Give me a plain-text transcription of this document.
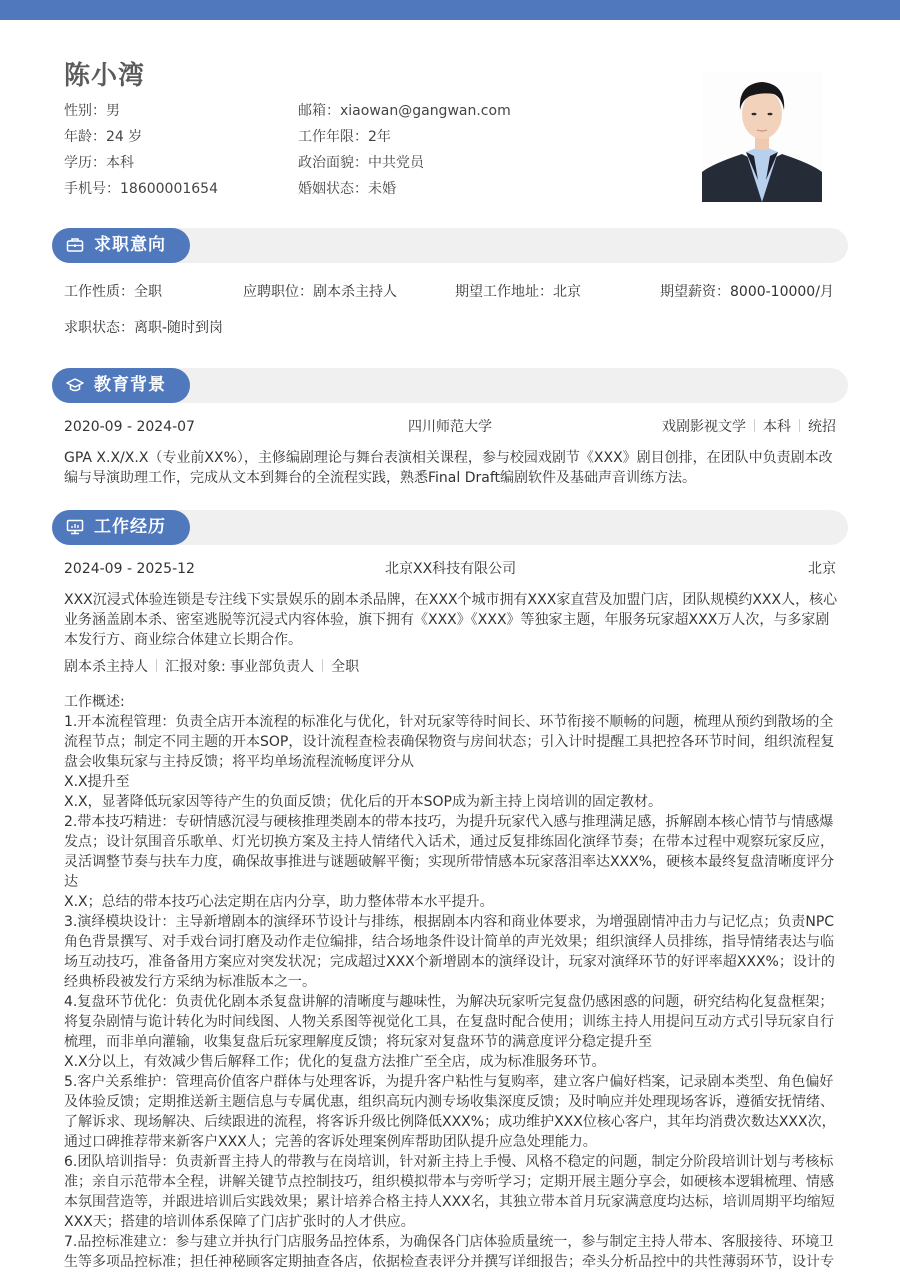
陈小湾
性别：男	邮箱：xiaowan@gangwan.com
年龄：24 岁	工作年限：2年
学历：本科	政治面貌：中共党员
手机号：18600001654	婚姻状态：未婚
求职意向
工作性质：全职	应聘职位：剧本杀主持人	期望工作地址：北京	期望薪资：8000-10000/月
求职状态：离职-随时到岗
教育背景
2020-09 - 2024-07	四川师范大学	戏剧影视文学 本科 统招
GPA X.X/X.X（专业前XX%），主修编剧理论与舞台表演相关课程，参与校园戏剧节《XXX》剧目创排，在团队中负责剧本改编与导演助理工作，完成从文本到舞台的全流程实践，熟悉Final Draft编剧软件及基础声音训练方法。
工作经历
2024-09 - 2025-12	北京XX科技有限公司	北京
XXX沉浸式体验连锁是专注线下实景娱乐的剧本杀品牌，在XXX个城市拥有XXX家直营及加盟门店，团队规模约XXX人，核心业务涵盖剧本杀、密室逃脱等沉浸式内容体验，旗下拥有《XXX》《XXX》等独家主题，年服务玩家超XXX万人次，与多家剧本发行方、商业综合体建立长期合作。
剧本杀主持人 汇报对象: 事业部负责人 全职

工作概述:

1.开本流程管理：负责全店开本流程的标准化与优化，针对玩家等待时间长、环节衔接不顺畅的问题，梳理从预约到散场的全流程节点；制定不同主题的开本SOP，设计流程查检表确保物资与房间状态；引入计时提醒工具把控各环节时间，组织流程复盘会收集玩家与主持反馈；将平均单场流程流畅度评分从

X.X提升至

X.X，显著降低玩家因等待产生的负面反馈；优化后的开本SOP成为新主持上岗培训的固定教材。

2.带本技巧精进：专研情感沉浸与硬核推理类剧本的带本技巧，为提升玩家代入感与推理满足感，拆解剧本核心情节与情感爆发点；设计氛围音乐歌单、灯光切换方案及主持人情绪代入话术，通过反复排练固化演绎节奏；在带本过程中观察玩家反应，灵活调整节奏与扶车力度，确保故事推进与谜题破解平衡；实现所带情感本玩家落泪率达XXX%，硬核本最终复盘清晰度评分达

X.X；总结的带本技巧心法定期在店内分享，助力整体带本水平提升。

3.演绎模块设计：主导新增剧本的演绎环节设计与排练，根据剧本内容和商业体要求，为增强剧情冲击力与记忆点；负责NPC角色背景撰写、对手戏台词打磨及动作走位编排，结合场地条件设计简单的声光效果；组织演绎人员排练，指导情绪表达与临场互动技巧，准备备用方案应对突发状况；完成超过XXX个新增剧本的演绎设计，玩家对演绎环节的好评率超XXX%；设计的经典桥段被发行方采纳为标准版本之一。

4.复盘环节优化：负责优化剧本杀复盘讲解的清晰度与趣味性，为解决玩家听完复盘仍感困惑的问题，研究结构化复盘框架；将复杂剧情与诡计转化为时间线图、人物关系图等视觉化工具，在复盘时配合使用；训练主持人用提问互动方式引导玩家自行梳理，而非单向灌输，收集复盘后玩家理解度反馈；将玩家对复盘环节的满意度评分稳定提升至

X.X分以上，有效减少售后解释工作；优化的复盘方法推广至全店，成为标准服务环节。

5.客户关系维护：管理高价值客户群体与处理客诉，为提升客户粘性与复购率，建立客户偏好档案，记录剧本类型、角色偏好及体验反馈；定期推送新主题信息与专属优惠，组织高玩内测专场收集深度反馈；及时响应并处理现场客诉，遵循安抚情绪、了解诉求、现场解决、后续跟进的流程，将客诉升级比例降低XXX%；成功维护XXX位核心客户，其年均消费次数达XXX次，通过口碑推荐带来新客户XXX人；完善的客诉处理案例库帮助团队提升应急处理能力。

6.团队培训指导：负责新晋主持人的带教与在岗培训，针对新主持上手慢、风格不稳定的问题，制定分阶段培训计划与考核标准；亲自示范带本全程，讲解关键节点控制技巧，组织模拟带本与旁听学习；定期开展主题分享会，如硬核本逻辑梳理、情感本氛围营造等，并跟进培训后实践效果；累计培养合格主持人XXX名，其独立带本首月玩家满意度均达标，培训周期平均缩短XXX天；搭建的培训体系保障了门店扩张时的人才供应。

7.品控标准建立：参与建立并执行门店服务品控体系，为确保各门店体验质量统一，参与制定主持人带本、客服接待、环境卫生等多项品控标准；担任神秘顾客定期抽查各店，依据检查表评分并撰写详细报告；牵头分析品控中的共性薄弱环节，设计专
